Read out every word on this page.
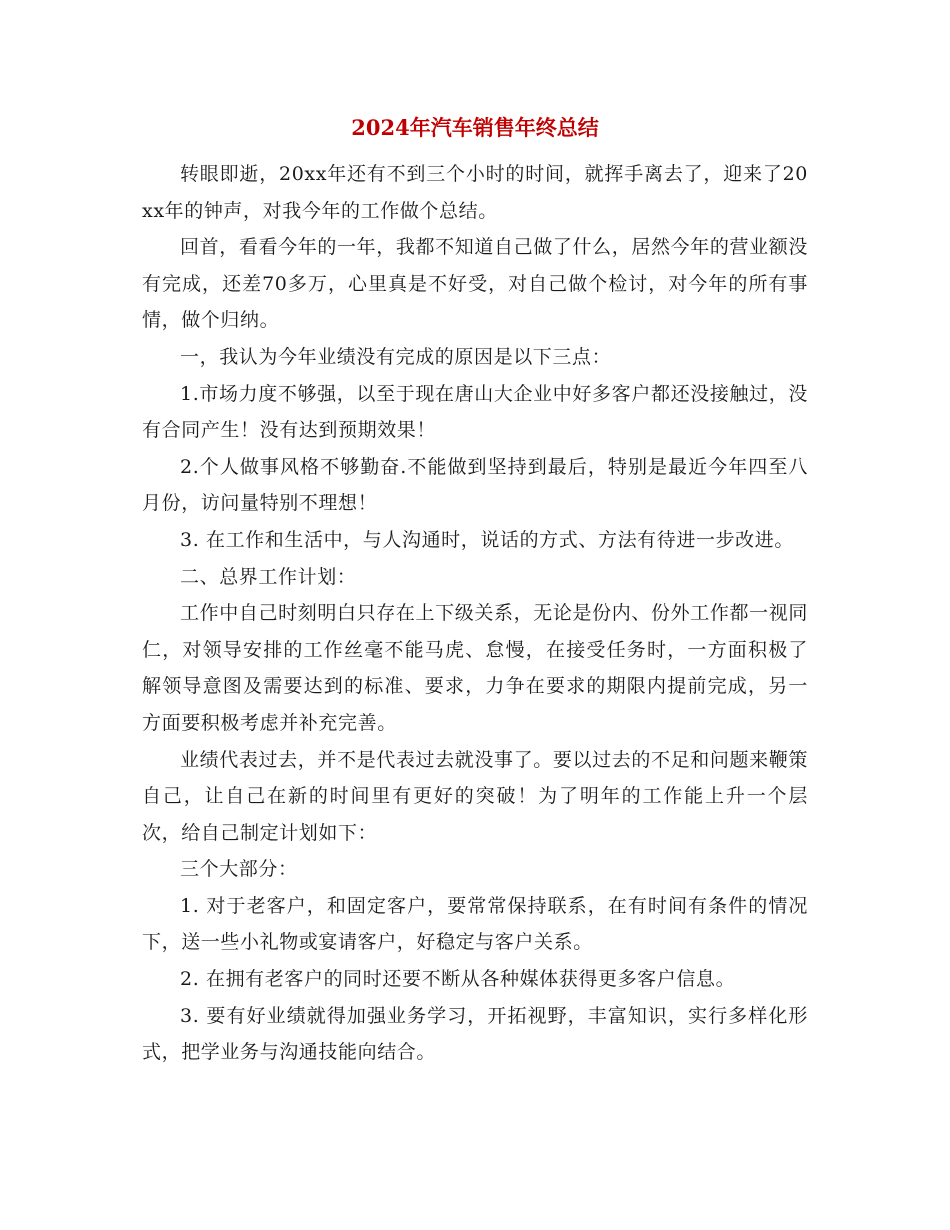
2024年汽车销售年终总结

转眼即逝，20xx年还有不到三个小时的时间，就挥手离去了，迎来了20xx年的钟声，对我今年的工作做个总结。

回首，看看今年的一年，我都不知道自己做了什么，居然今年的营业额没有完成，还差70多万，心里真是不好受，对自己做个检讨，对今年的所有事情，做个归纳。

一，我认为今年业绩没有完成的原因是以下三点：

1.市场力度不够强，以至于现在唐山大企业中好多客户都还没接触过，没有合同产生！没有达到预期效果！

2.个人做事风格不够勤奋.不能做到坚持到最后，特别是最近今年四至八月份，访问量特别不理想！

3. 在工作和生活中，与人沟通时，说话的方式、方法有待进一步改进。

二、总界工作计划：

工作中自己时刻明白只存在上下级关系，无论是份内、份外工作都一视同仁，对领导安排的工作丝毫不能马虎、怠慢，在接受任务时，一方面积极了解领导意图及需要达到的标准、要求，力争在要求的期限内提前完成，另一方面要积极考虑并补充完善。

业绩代表过去，并不是代表过去就没事了。要以过去的不足和问题来鞭策自己，让自己在新的时间里有更好的突破！为了明年的工作能上升一个层次，给自己制定计划如下：

三个大部分：

1. 对于老客户，和固定客户，要常常保持联系，在有时间有条件的情况下，送一些小礼物或宴请客户，好稳定与客户关系。

2. 在拥有老客户的同时还要不断从各种媒体获得更多客户信息。

3. 要有好业绩就得加强业务学习，开拓视野，丰富知识，实行多样化形式，把学业务与沟通技能向结合。
